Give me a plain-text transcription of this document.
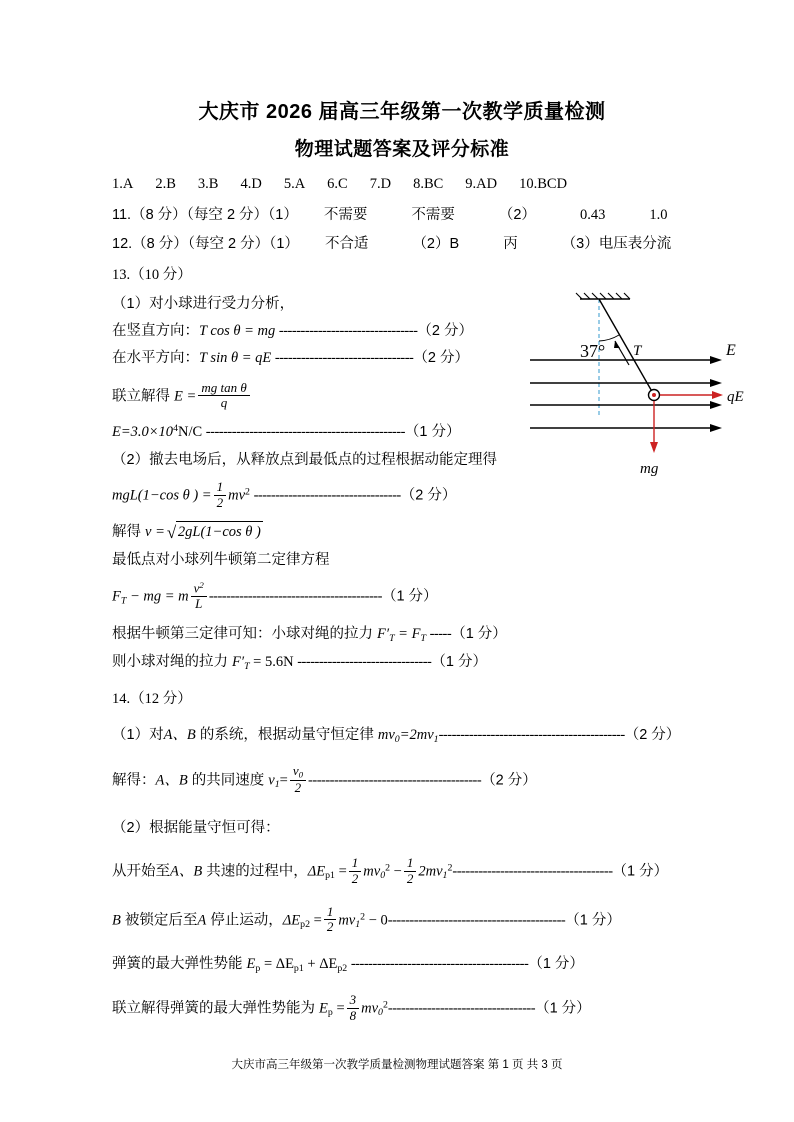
大庆市 2026 届高三年级第一次教学质量检测
物理试题答案及评分标准
1.A 2.B 3.B 4.D 5.A 6.C 7.D 8.BC 9.AD 10.BCD
11.（8 分）（每空 2 分）（1） 不需要	不需要	（2）	0.43	1.0
12.（8 分）（每空 2 分）（1） 不合适	（2）B	丙	（3）电压表分流
13.（10 分）
（1）对小球进行受力分析，
在竖直方向：T cos θ = mg --------------------------------（2 分）
在水平方向：T sin θ = qE --------------------------------（2 分）
联立解得 $E = \frac{\text{mg tan θ}}{q}$
$E=3.0\times 10^4N/C$ ----------------------------------------------（1 分）
（2）撤去电场后，从释放点到最低点的过程根据动能定理得
mgL(1−cos θ ) = $\frac{1}{2} mv^2$ ----------------------------------（2 分）
解得 v = √ 2gL(1−cos θ )
最低点对小球列牛顿第二定律方程
$F_T$ − mg = m $\frac{v^2}{L} ----------------------------------------(1$ 分）
根据牛顿第三定律可知：小球对绳的拉力 $F'_T = F_T$ -----（1 分）
则小球对绳的拉力 $F'_T = 5.6N$ -------------------------------（1 分）
14.（12 分）
（1）对A、B 的系统，根据动量守恒定律 $mv_0=2mv_1-------------------------------------------(2$ 分）
解得：A、B 的共同速度 $v_1= \frac{v_0}{2} ----------------------------------------(2$ 分）
（2）根据能量守恒可得：
从开始至A、B 共速的过程中，$\Delta E_{p1} = \frac{1}{2} mv_0^2 - \frac{1}{2} 2mv_1^2-------------------------------------(1$ 分）
B 被锁定后至A 停止运动，$\Delta E_{p2} = \frac{1}{2} mv_1^2 - 0-----------------------------------------(1$ 分）
弹簧的最大弹性势能 $E_p = \Delta E_{p1} + \Delta E_{p2}$ -----------------------------------------（1 分）
联立解得弹簧的最大弹性势能为 $E_p = \frac{3}{8} mv_0^2----------------------------------(1$ 分）
37° T	E
qE
mg
大庆市高三年级第一次教学质量检测物理试题答案 第 1 页 共 3 页
